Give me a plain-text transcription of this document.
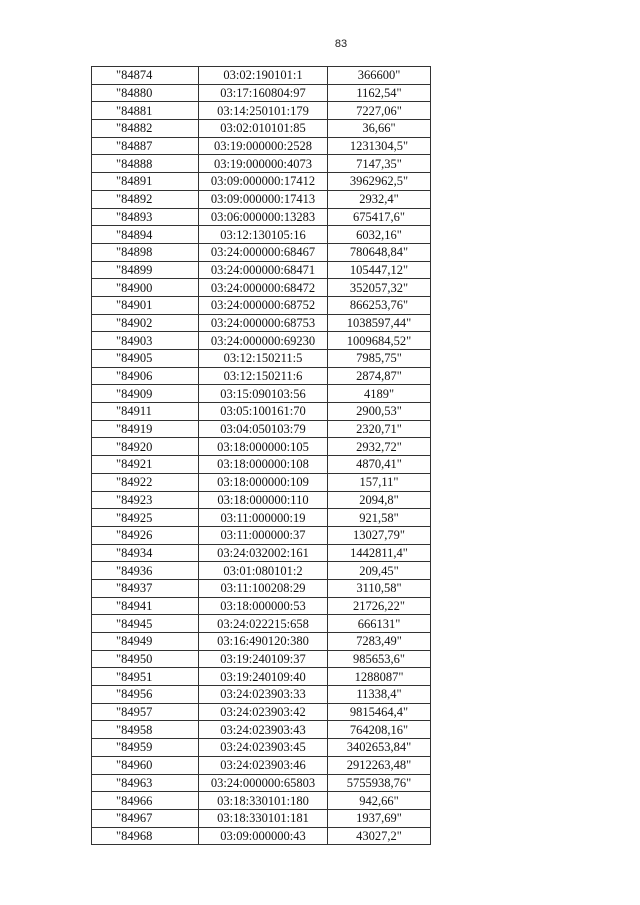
83
"84874	03:02:190101:1	366600"
"84880	03:17:160804:97	1162,54"
"84881	03:14:250101:179	7227,06"
"84882	03:02:010101:85	36,66"
"84887	03:19:000000:2528	1231304,5"
"84888	03:19:000000:4073	7147,35"
"84891	03:09:000000:17412	3962962,5"
"84892	03:09:000000:17413	2932,4"
"84893	03:06:000000:13283	675417,6"
"84894	03:12:130105:16	6032,16"
"84898	03:24:000000:68467	780648,84"
"84899	03:24:000000:68471	105447,12"
"84900	03:24:000000:68472	352057,32"
"84901	03:24:000000:68752	866253,76"
"84902	03:24:000000:68753	1038597,44"
"84903	03:24:000000:69230	1009684,52"
"84905	03:12:150211:5	7985,75"
"84906	03:12:150211:6	2874,87"
"84909	03:15:090103:56	4189"
"84911	03:05:100161:70	2900,53"
"84919	03:04:050103:79	2320,71"
"84920	03:18:000000:105	2932,72"
"84921	03:18:000000:108	4870,41"
"84922	03:18:000000:109	157,11"
"84923	03:18:000000:110	2094,8"
"84925	03:11:000000:19	921,58"
"84926	03:11:000000:37	13027,79"
"84934	03:24:032002:161	1442811,4"
"84936	03:01:080101:2	209,45"
"84937	03:11:100208:29	3110,58"
"84941	03:18:000000:53	21726,22"
"84945	03:24:022215:658	666131"
"84949	03:16:490120:380	7283,49"
"84950	03:19:240109:37	985653,6"
"84951	03:19:240109:40	1288087"
"84956	03:24:023903:33	11338,4"
"84957	03:24:023903:42	9815464,4"
"84958	03:24:023903:43	764208,16"
"84959	03:24:023903:45	3402653,84"
"84960	03:24:023903:46	2912263,48"
"84963	03:24:000000:65803	5755938,76"
"84966	03:18:330101:180	942,66"
"84967	03:18:330101:181	1937,69"
"84968	03:09:000000:43	43027,2"
